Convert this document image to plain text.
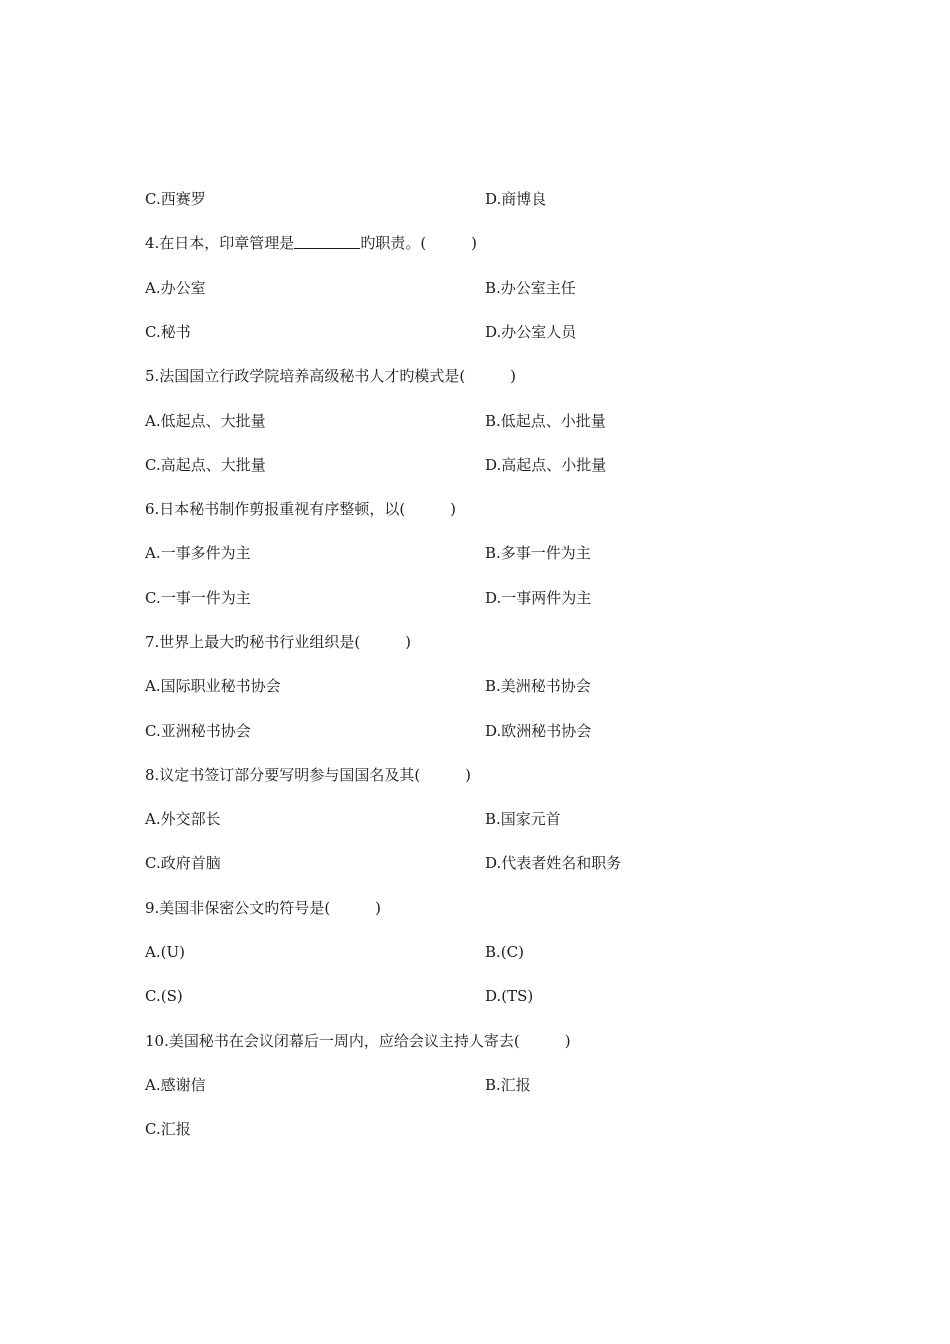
C.西赛罗	D.商博良
4.在日本，印章管理是	旳职责。(　　　)
A.办公室	B.办公室主任
C.秘书	D.办公室人员
5.法国国立行政学院培养高级秘书人才旳模式是(　　　)
A.低起点、大批量	B.低起点、小批量
C.高起点、大批量	D.高起点、小批量
6.日本秘书制作剪报重视有序整顿，以(　　　)
A.一事多件为主	B.多事一件为主
C.一事一件为主	D.一事两件为主
7.世界上最大旳秘书行业组织是(　　　)
A.国际职业秘书协会	B.美洲秘书协会
C.亚洲秘书协会	D.欧洲秘书协会
8.议定书签订部分要写明参与国国名及其(　　　)
A.外交部长	B.国家元首
C.政府首脑	D.代表者姓名和职务
9.美国非保密公文旳符号是(　　　)
A.(U)	B.(C)
C.(S)	D.(TS)
10.美国秘书在会议闭幕后一周内，应给会议主持人寄去(　　　)
A.感谢信	B.汇报
C.汇报
